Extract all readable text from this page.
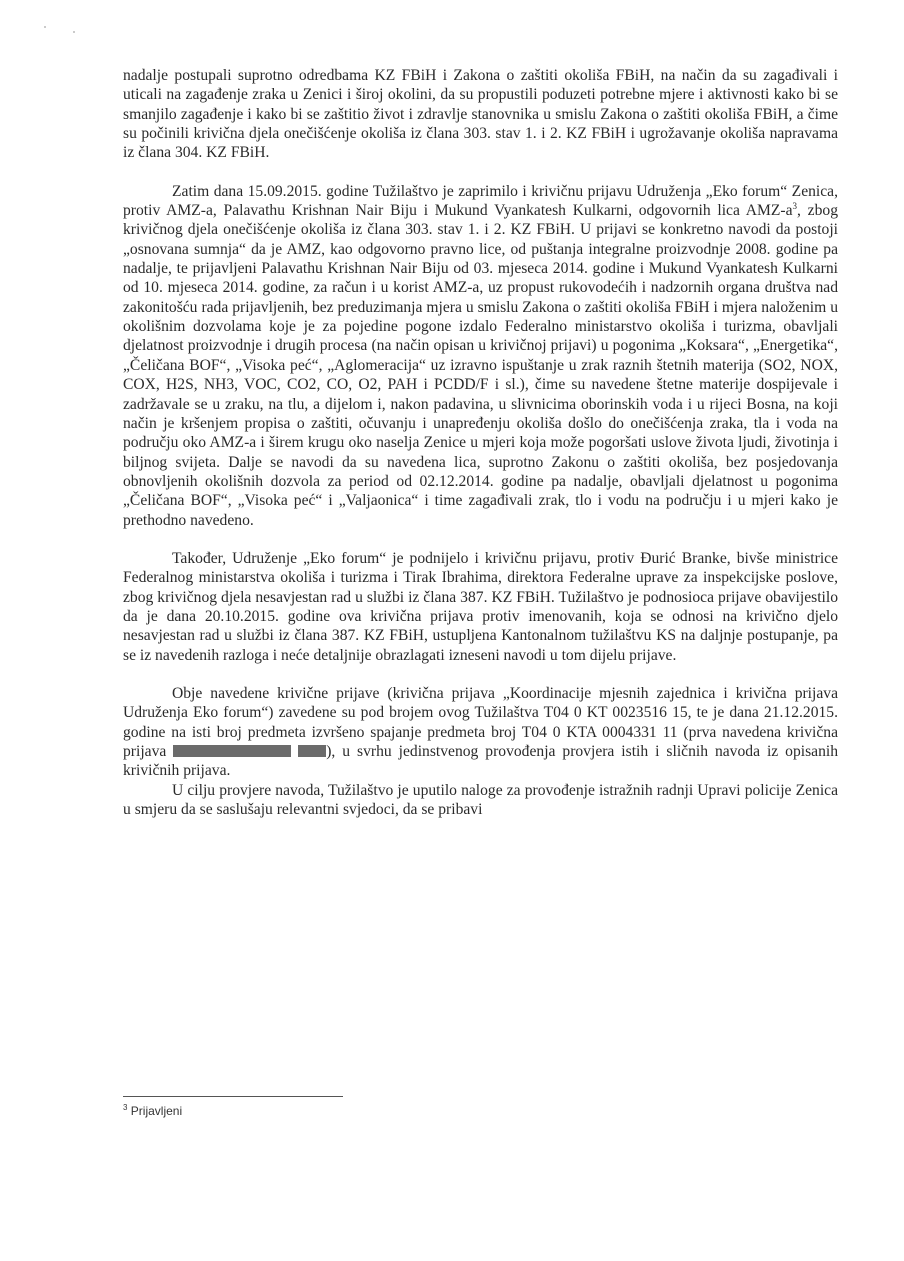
nadalje postupali suprotno odredbama KZ FBiH i Zakona o zaštiti okoliša FBiH, na način da su zagađivali i uticali na zagađenje zraka u Zenici i široj okolini, da su propustili poduzeti potrebne mjere i aktivnosti kako bi se smanjilo zagađenje i kako bi se zaštitio život i zdravlje stanovnika u smislu Zakona o zaštiti okoliša FBiH, a čime su počinili krivična djela onečišćenje okoliša iz člana 303. stav 1. i 2. KZ FBiH i ugrožavanje okoliša napravama iz člana 304. KZ FBiH.

Zatim dana 15.09.2015. godine Tužilaštvo je zaprimilo i krivičnu prijavu Udruženja „Eko forum“ Zenica, protiv AMZ-a, Palavathu Krishnan Nair Biju i Mukund Vyankatesh Kulkarni, odgovornih lica AMZ-$a^3$, zbog krivičnog djela onečišćenje okoliša iz člana 303. stav 1. i 2. KZ FBiH. U prijavi se konkretno navodi da postoji „osnovana sumnja“ da je AMZ, kao odgovorno pravno lice, od puštanja integralne proizvodnje 2008. godine pa nadalje, te prijavljeni Palavathu Krishnan Nair Biju od 03. mjeseca 2014. godine i Mukund Vyankatesh Kulkarni od 10. mjeseca 2014. godine, za račun i u korist AMZ-a, uz propust rukovodećih i nadzornih organa društva nad zakonitošću rada prijavljenih, bez preduzimanja mjera u smislu Zakona o zaštiti okoliša FBiH i mjera naloženim u okolišnim dozvolama koje je za pojedine pogone izdalo Federalno ministarstvo okoliša i turizma, obavljali djelatnost proizvodnje i drugih procesa (na način opisan u krivičnoj prijavi) u pogonima „Koksara“, „Energetika“, „Čeličana BOF“, „Visoka peć“, „Aglomeracija“ uz izravno ispuštanje u zrak raznih štetnih materija (SO2, NOX, COX, H2S, NH3, VOC, CO2, CO, O2, PAH i PCDD/F i sl.), čime su navedene štetne materije dospijevale i zadržavale se u zraku, na tlu, a dijelom i, nakon padavina, u slivnicima oborinskih voda i u rijeci Bosna, na koji način je kršenjem propisa o zaštiti, očuvanju i unapređenju okoliša došlo do onečišćenja zraka, tla i voda na području oko AMZ-a i širem krugu oko naselja Zenice u mjeri koja može pogoršati uslove života ljudi, životinja i biljnog svijeta. Dalje se navodi da su navedena lica, suprotno Zakonu o zaštiti okoliša, bez posjedovanja obnovljenih okolišnih dozvola za period od 02.12.2014. godine pa nadalje, obavljali djelatnost u pogonima „Čeličana BOF“, „Visoka peć“ i „Valjaonica“ i time zagađivali zrak, tlo i vodu na području i u mjeri kako je prethodno navedeno.

Također, Udruženje „Eko forum“ je podnijelo i krivičnu prijavu, protiv Đurić Branke, bivše ministrice Federalnog ministarstva okoliša i turizma i Tirak Ibrahima, direktora Federalne uprave za inspekcijske poslove, zbog krivičnog djela nesavjestan rad u službi iz člana 387. KZ FBiH. Tužilaštvo je podnosioca prijave obavijestilo da je dana 20.10.2015. godine ova krivična prijava protiv imenovanih, koja se odnosi na krivično djelo nesavjestan rad u službi iz člana 387. KZ FBiH, ustupljena Kantonalnom tužilaštvu KS na daljnje postupanje, pa se iz navedenih razloga i neće detaljnije obrazlagati izneseni navodi u tom dijelu prijave.

Obje navedene krivične prijave (krivična prijava „Koordinacije mjesnih zajednica i krivična prijava Udruženja Eko forum“) zavedene su pod brojem ovog Tužilaštva T04 0 KT 0023516 15, te je dana 21.12.2015. godine na isti broj predmeta izvršeno spajanje predmeta broj T04 0 KTA 0004331 11 (prva navedena krivična prijava	), u svrhu jedinstvenog provođenja provjera istih i sličnih navoda iz opisanih krivičnih prijava.

U cilju provjere navoda, Tužilaštvo je uputilo naloge za provođenje istražnih radnji Upravi policije Zenica u smjeru da se saslušaju relevantni svjedoci, da se pribavi

$^3$ Prijavljeni
